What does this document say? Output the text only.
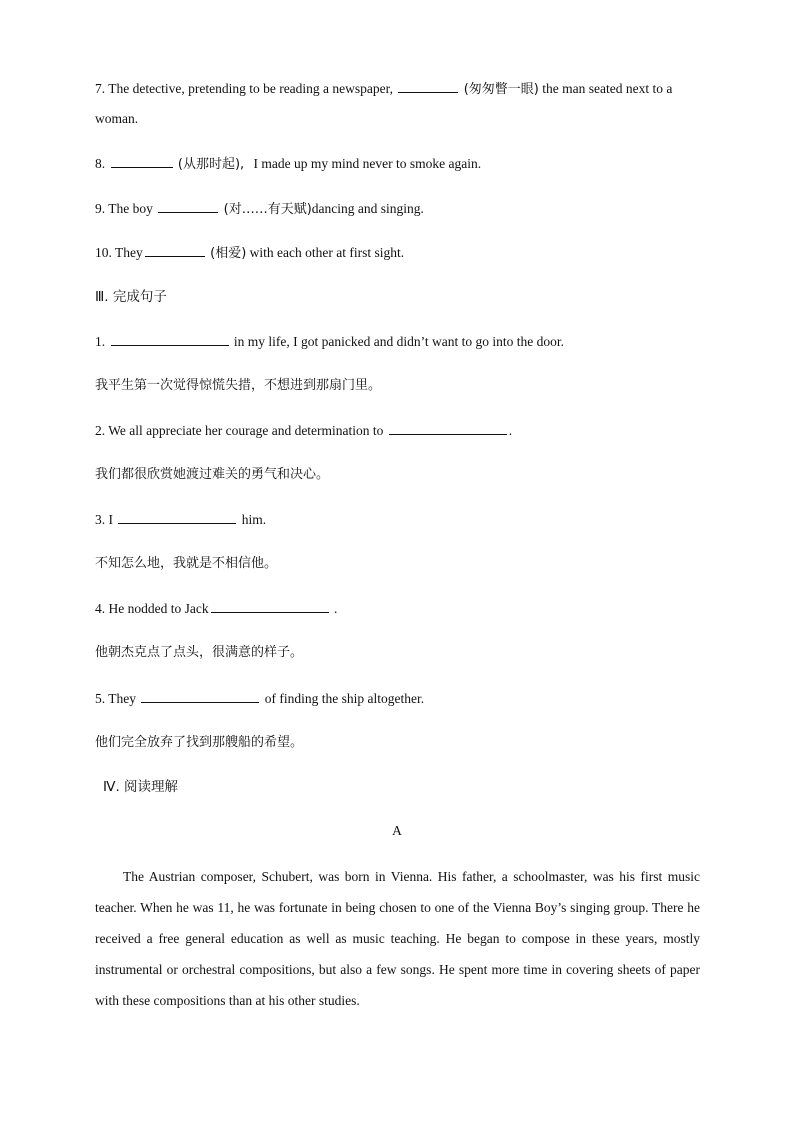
7. The detective, pretending to be reading a newspaper,	(匆匆瞥一眼) the man seated next to a
woman.
8.	(从那时起), I made up my mind never to smoke again.
9. The boy	(对……有天赋)dancing and singing.
10. They	(相爱) with each other at first sight.
Ⅲ. 完成句子
1.	in my life, I got panicked and didn’t want to go into the door.
我平生第一次觉得惊慌失措，不想进到那扇门里。
2. We all appreciate her courage and determination to	.
我们都很欣赏她渡过难关的勇气和决心。
3. I	him.
不知怎么地，我就是不相信他。
4. He nodded to Jack	.
他朝杰克点了点头，很满意的样子。
5. They	of finding the ship altogether.
他们完全放弃了找到那艘船的希望。
Ⅳ. 阅读理解
A
The Austrian composer, Schubert, was born in Vienna. His father, a schoolmaster, was his first music teacher. When he was 11, he was fortunate in being chosen to one of the Vienna Boy’s singing group. There he received a free general education as well as music teaching. He began to compose in these years, mostly instrumental or orchestral compositions, but also a few songs. He spent more time in covering sheets of paper with these compositions than at his other studies.
